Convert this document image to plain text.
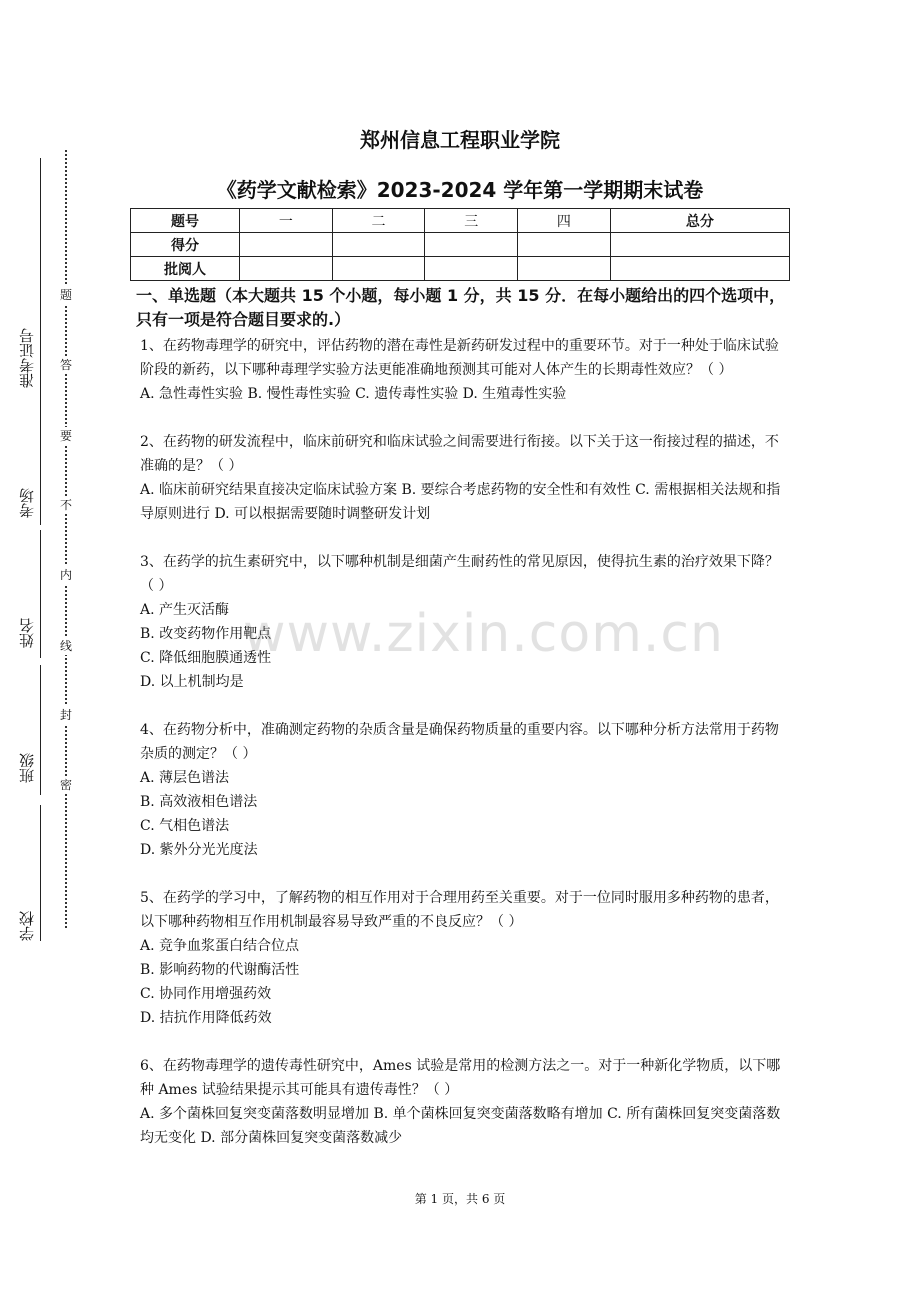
准考证号
考场
姓名
班级
学校
题
答
要
不
内
线
封
密
郑州信息工程职业学院
《药学文献检索》2023-2024 学年第一学期期末试卷
题号	一	二	三	四	总分
得分					
批阅人					
一、单选题（本大题共 15 个小题，每小题 1 分，共 15 分．在每小题给出的四个选项中，只有一项是符合题目要求的.）

1、在药物毒理学的研究中，评估药物的潜在毒性是新药研发过程中的重要环节。对于一种处于临床试验阶段的新药，以下哪种毒理学实验方法更能准确地预测其可能对人体产生的长期毒性效应？（ ）

A. 急性毒性实验 B. 慢性毒性实验 C. 遗传毒性实验 D. 生殖毒性实验

2、在药物的研发流程中，临床前研究和临床试验之间需要进行衔接。以下关于这一衔接过程的描述，不准确的是？（ ）

A. 临床前研究结果直接决定临床试验方案 B. 要综合考虑药物的安全性和有效性 C. 需根据相关法规和指导原则进行 D. 可以根据需要随时调整研发计划

3、在药学的抗生素研究中，以下哪种机制是细菌产生耐药性的常见原因，使得抗生素的治疗效果下降？（ ）

A. 产生灭活酶

B. 改变药物作用靶点

C. 降低细胞膜通透性

D. 以上机制均是

4、在药物分析中，准确测定药物的杂质含量是确保药物质量的重要内容。以下哪种分析方法常用于药物杂质的测定？（ ）

A. 薄层色谱法

B. 高效液相色谱法

C. 气相色谱法

D. 紫外分光光度法

5、在药学的学习中，了解药物的相互作用对于合理用药至关重要。对于一位同时服用多种药物的患者，以下哪种药物相互作用机制最容易导致严重的不良反应？（ ）

A. 竞争血浆蛋白结合位点

B. 影响药物的代谢酶活性

C. 协同作用增强药效

D. 拮抗作用降低药效

6、在药物毒理学的遗传毒性研究中，Ames 试验是常用的检测方法之一。对于一种新化学物质，以下哪种 Ames 试验结果提示其可能具有遗传毒性？（ ）

A. 多个菌株回复突变菌落数明显增加 B. 单个菌株回复突变菌落数略有增加 C. 所有菌株回复突变菌落数均无变化 D. 部分菌株回复突变菌落数减少

www.zixin.com.cn
第 1 页，共 6 页
